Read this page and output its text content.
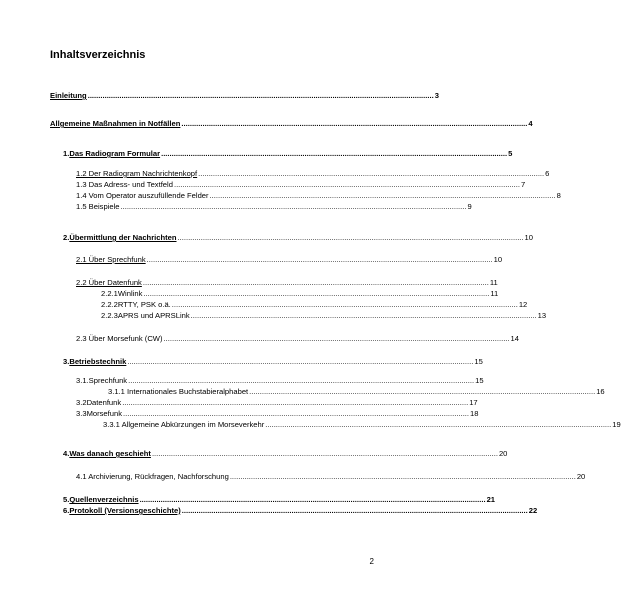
Inhaltsverzeichnis
Einleitung .................................................................................................................................................................... 3
Allgemeine Maßnahmen in Notfällen .................................................................................................................................................................... 4
1. Das Radiogram Formular .................................................................................................................................................................... 5
1.2 Der Radiogram Nachrichtenkopf .................................................................................................................................................................... 6
1.3 Das Adress- und Textfeld .................................................................................................................................................................... 7
1.4 Vom Operator auszufüllende Felder .................................................................................................................................................................... 8
1.5 Beispiele .................................................................................................................................................................... 9
2. Übermittlung der Nachrichten .................................................................................................................................................................... 10
2.1 Über Sprechfunk .................................................................................................................................................................... 10
2.2 Über Datenfunk .................................................................................................................................................................... 11
2.2.1 Winlink .................................................................................................................................................................... 11
2.2.2 RTTY, PSK o.ä. .................................................................................................................................................................... 12
2.2.3 APRS und APRSLink .................................................................................................................................................................... 13
2.3 Über Morsefunk (CW) .................................................................................................................................................................... 14
3. Betriebstechnik .................................................................................................................................................................... 15
3.1. Sprechfunk .................................................................................................................................................................... 15
3.1.1 Internationales Buchstabieralphabet .................................................................................................................................................................... 16
3.2 Datenfunk .................................................................................................................................................................... 17
3.3 Morsefunk .................................................................................................................................................................... 18
3.3.1 Allgemeine Abkürzungen im Morseverkehr .................................................................................................................................................................... 19
4. Was danach geschieht .................................................................................................................................................................... 20
4.1 Archivierung, Rückfragen, Nachforschung .................................................................................................................................................................... 20
5. Quellenverzeichnis .................................................................................................................................................................... 21
6. Protokoll (Versionsgeschichte) .................................................................................................................................................................... 22
2
